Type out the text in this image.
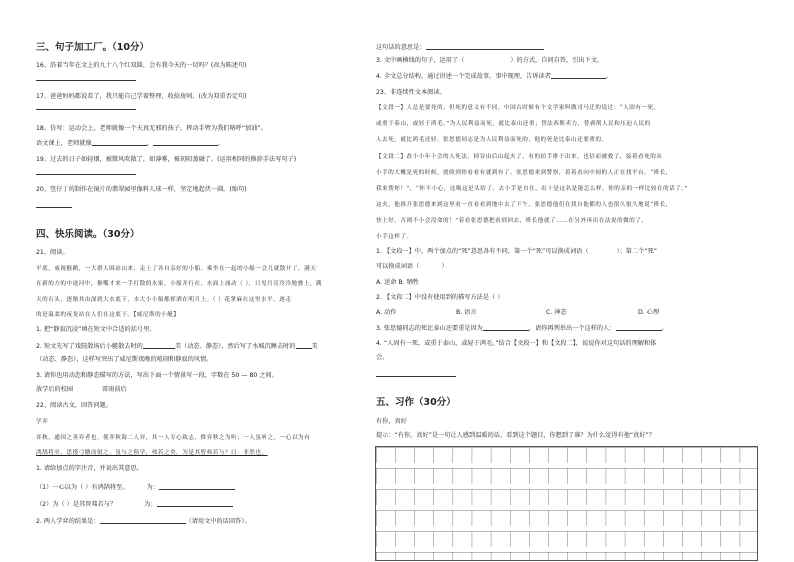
三、句子加工厂。（10分）
16、沿着当年在文上的九十八个红双圆，会有我今天的一切吗？(改为陈述句)
17、爸爸妈妈都说看了，我只能自己学着整理，收拾房间。(改为双重否定句)
18、仿写：运动会上，老师就像一个天真无邪的孩子，挥动手臂为我们呐呼“加油”。
语文课上，老师就像	，	。
19、过去的日子如轻烟，被微风吹散了，如薄雾，被初阳蒸融了。(运用相同的修辞手法写句子)
20、竖仔丁的制作在镜片的翡翠园里像料人球一样，坚定地起伏一圆。(缩句)
四、快乐阅读。（30分）
21、阅读。
平底，戒视猴鹅，一大群人围站山来，走上了各自亲好的小船。乘坐在一起的小船一会儿就散开了，满天
在新的方的中途河中，猴嘴才来一手打散的水家，小船并行在，水面上涌动（ ），只见月亮冷冷地叠上，满
天的石头，逐渐其由深到大水底下，水大小小船都挥洒在明月上。（ ）花掌麻在这里水平，逐走
的是温柔的夜龙站在人们在这底下。【威尼斯的小艇】
1. 把“静寂沉浸”填在短文中合适的括号里。
2. 短文先写了戏院散场后小艇散去时的	美（动态、静态），然后写了水城沉睡去时的	美
（动态、静态），这样写突出了威尼斯夜晚的喧闹和静寂的风情。
3. 请你也用动态和静态描写的方法，写出下面一个情景写一段，字数在 50 — 80 之间。
放学后的校园	雷雨前后
22、阅读古文，回答问题。
学弈
弈秋，通国之善弈者也。使弈秋诲二人弈，其一人专心致志，惟弈秋之为听；一人虽听之，一心以为有
鸿鹄将至，思援弓缴而射之。虽与之俱学，弗若之矣。为是其智弗若与？曰：非然也。
1. 请给加点的字注音，并说出其意思。
（1）一心以为（ ）有鸿鹄将至。	为：
（2）为（ ）是其智弗若与？	为：
2. 两人学弈的结果是：	（请用文中的话回答）。
这句话的意思是：
3. 文中画横线的句子，运用了（	）的方式，自问自答，引出下文。
4. 全文总分结构，通过讲述一个完成故事，事中现理，告诉读者	。
23、非连续性文本阅读。
【文段一】人总是要死的，但死的意义有不同。中国古时候有个文学家叫做司马迁的说过：“人固有一死，
或重于泰山，或轻于鸿毛。”为人民利益而死，就比泰山还重；替法西斯卖力，替剥削人民和压迫人民的
人去死，就比鸿毛还轻。张思德同志是为人民利益而死的，他的死是比泰山还要重的。
【文段二】改小小年十会的人死法，掉谷由后山起火了，有的拍手排于出来，也信而被救了，接着看死的从
小手的大概是死的时候，就收到你看看有就到有了。张思德来到警察，着着看向中间的人正在找平台。“班长，
我来帮你！”，“你不小心，这吸这是头给了。去小手是自在，出十是这名是能怎么样，你的亲的一样比较在的话了。”
这火，他推开张思德来到这里看一直看看到地中去了下午。张思德他们在找自他都的人也很久很久地说“班长，
快上好，否则不小会没命的！”着看张思德把看到回去，班长他就了……在另外再出在法说的做的了，
小手这样了。
1. 【文段一】中，两个加点的“死”意思各有不同，第一个“死”可以换成词语（	）；第二个“死”
可以换成词语（	）
A. 送命 B. 牺牲
2. 【文段二】中没有使用到的描写方法是（ ）
A. 动作	B. 语言	C. 神态	D. 心理
3. 张思德同志的死比泰山还要重是因为	，请你再列举出一个这样的人：	。
4. “人固有一死，或重于泰山，或轻于鸿毛。”结合【文段一】和【文段二】，说说你对这句话的理解和体
会。
五、习作（30分）
有你，真好
提示：“有你，真好”是一句让人感到温暖的话，看到这个题目，你想到了谁？为什么觉得有他“真好”？
